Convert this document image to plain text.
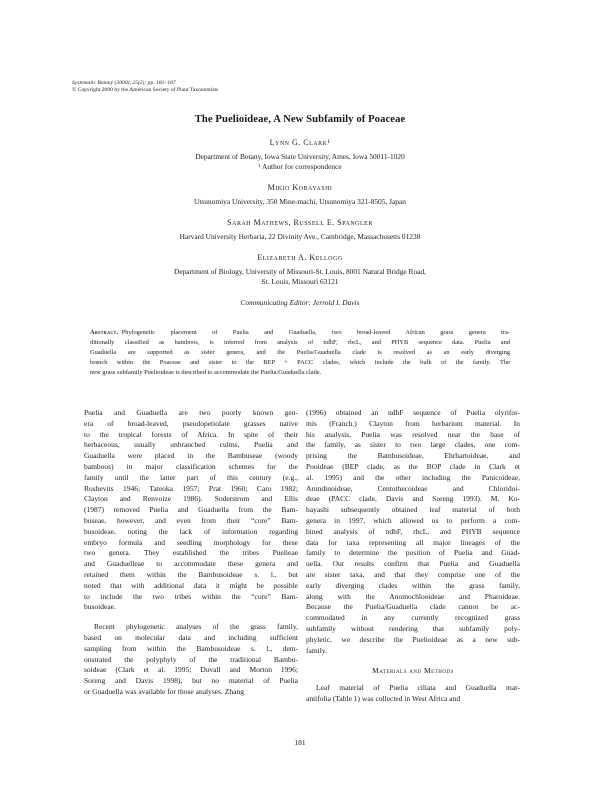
Systematic Botany (2000), 25(2): pp. 181–187
© Copyright 2000 by the American Society of Plant Taxonomists
The Puelioideae, A New Subfamily of Poaceae
Lynn G. Clark¹
Department of Botany, Iowa State University, Ames, Iowa 50011-1020
¹ Author for correspondence
Mikio Kobayashi
Utsunomiya University, 350 Mine-machi, Utsunomiya 321-8505, Japan
Sarah Mathews, Russell E. Spangler
Harvard University Herbaria, 22 Divinity Ave., Cambridge, Massachusetts 01238
Elizabeth A. Kellogg
Department of Biology, University of Missouri-St. Louis, 8001 Natural Bridge Road,
St. Louis, Missouri 63121
Communicating Editor: Jerrold I. Davis
Abstract. Phylogenetic placement of Puelia and Guaduella, two broad-leaved African grass genera tra-
ditionally classified as bamboos, is inferred from analysis of ndhF, rbcL, and PHYB sequence data. Puelia and
Guaduella are supported as sister genera, and the Puelia/Guaduella clade is resolved as an early diverging
branch within the Poaceae and sister to the BEP + PACC clades, which include the bulk of the family. The
new grass subfamily Puelioideae is described to accommodate the Puelia/Guaduella clade.
Puelia and Guaduella are two poorly known gen-
era of broad-leaved, pseudopetiolate grasses native
to the tropical forests of Africa. In spite of their
herbaceous, usually unbranched culms, Puelia and
Guaduella were placed in the Bambuseae (woody
bamboos) in major classification schemes for the
family until the latter part of this century (e.g.,
Roshevits 1946; Tateoka 1957; Prat 1960; Caro 1982;
Clayton and Renvoize 1986). Soderstrom and Ellis
(1987) removed Puelia and Guaduella from the Bam-
buseae, however, and even from their “core” Bam-
busoideae, noting the lack of information regarding
embryo formula and seedling morphology for these
two genera. They established the tribes Puelieae
and Guaduelleae to accommodate these genera and
retained them within the Bambusoideae s. l., but
noted that with additional data it might be possible
to include the two tribes within the “core” Bam-
busoideae.
Recent phylogenetic analyses of the grass family,
based on molecular data and including sufficient
sampling from within the Bambusoideae s. l., dem-
onstrated the polyphyly of the traditional Bambu-
soideae (Clark et al. 1995; Duvall and Morton 1996;
Soreng and Davis 1998), but no material of Puelia
or Guaduella was available for those analyses. Zhang
(1996) obtained an ndhF sequence of Puelia olyrifor-
mis (Franch.) Clayton from herbarium material. In
his analysis, Puelia was resolved near the base of
the family, as sister to two large clades, one com-
prising the Bambusoideae, Ehrhartoideae, and
Pooideae (BEP clade, as the BOP clade in Clark et
al. 1995) and the other including the Panicoideae,
Arundinoideae, Centothecoideae and Chloridoi-
deae (PACC clade, Davis and Soreng 1993). M. Ko-
bayashi subsequently obtained leaf material of both
genera in 1997, which allowed us to perform a com-
bined analysis of ndhF, rbcL, and PHYB sequence
data for taxa representing all major lineages of the
family to determine the position of Puelia and Guad-
uella. Our results confirm that Puelia and Guaduella
are sister taxa, and that they comprise one of the
early diverging clades within the grass family,
along with the Anomochlooideae and Pharoideae.
Because the Puelia/Guaduella clade cannot be ac-
commodated in any currently recognized grass
subfamily without rendering that subfamily poly-
phyletic, we describe the Puelioideae as a new sub-
family.
Materials and Methods
Leaf material of Puelia ciliata and Guaduella mar-
antifolia (Table 1) was collected in West Africa and
181
